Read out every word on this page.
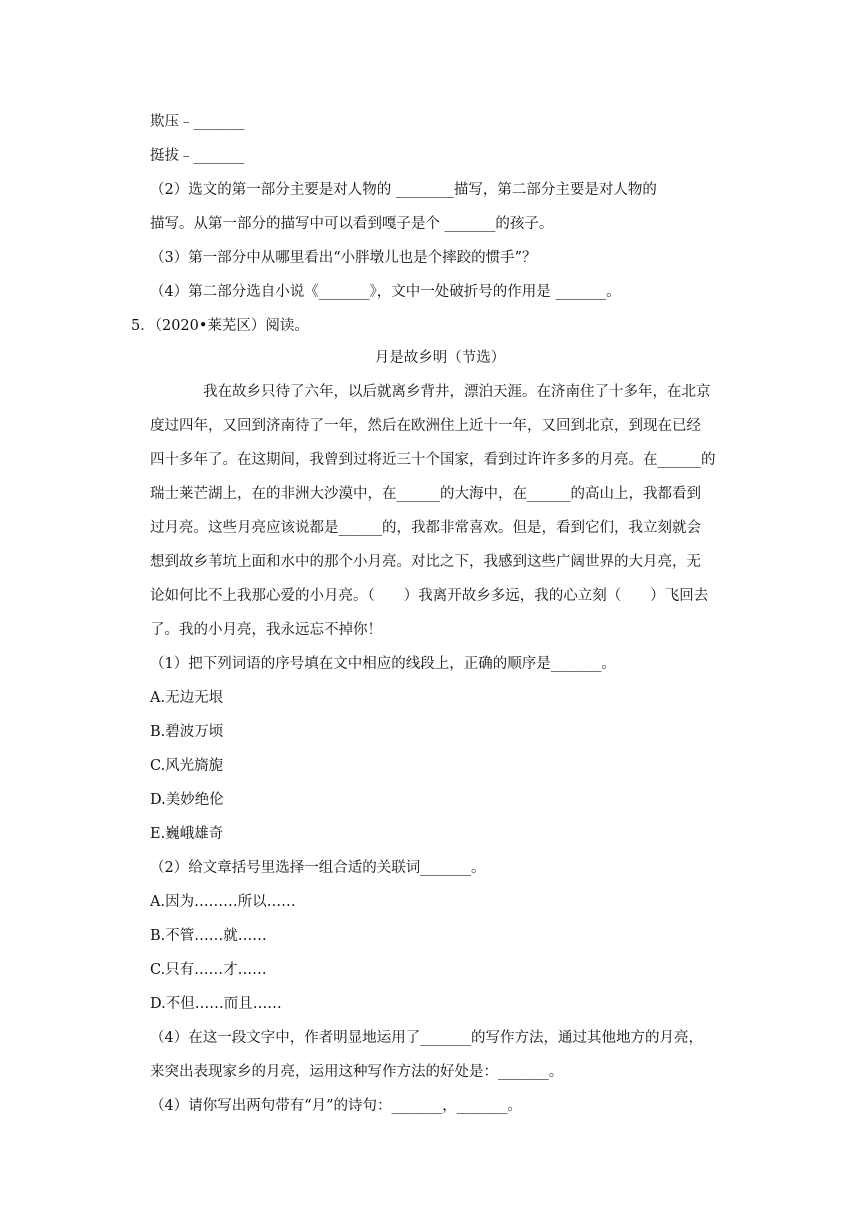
欺压﹣_______
挺拔﹣_______
（2）选文的第一部分主要是对人物的 ________描写，第二部分主要是对人物的
描写。从第一部分的描写中可以看到嘎子是个 _______的孩子。
（3）第一部分中从哪里看出“小胖墩儿也是个摔跤的惯手”？
（4）第二部分选自小说《_______》，文中一处破折号的作用是 _______。
5．（2020•莱芜区）阅读。
月是故乡明（节选）
我在故乡只待了六年，以后就离乡背井，漂泊天涯。在济南住了十多年，在北京
度过四年，又回到济南待了一年，然后在欧洲住上近十一年，又回到北京，到现在已经
四十多年了。在这期间，我曾到过将近三十个国家，看到过许许多多的月亮。在______的
瑞士莱芒湖上，在的非洲大沙漠中，在______的大海中，在______的高山上，我都看到
过月亮。这些月亮应该说都是______的，我都非常喜欢。但是，看到它们，我立刻就会
想到故乡苇坑上面和水中的那个小月亮。对比之下，我感到这些广阔世界的大月亮，无
论如何比不上我那心爱的小月亮。（　　）我离开故乡多远，我的心立刻（　　）飞回去
了。我的小月亮，我永远忘不掉你！
（1）把下列词语的序号填在文中相应的线段上，正确的顺序是_______。
A.无边无垠
B.碧波万顷
C.风光旖旎
D.美妙绝伦
E.巍峨雄奇
（2）给文章括号里选择一组合适的关联词_______。
A.因为………所以……
B.不管……就……
C.只有……才……
D.不但……而且……
（4）在这一段文字中，作者明显地运用了_______的写作方法，通过其他地方的月亮，
来突出表现家乡的月亮，运用这种写作方法的好处是：_______。
（4）请你写出两句带有“月”的诗句：_______，_______。
